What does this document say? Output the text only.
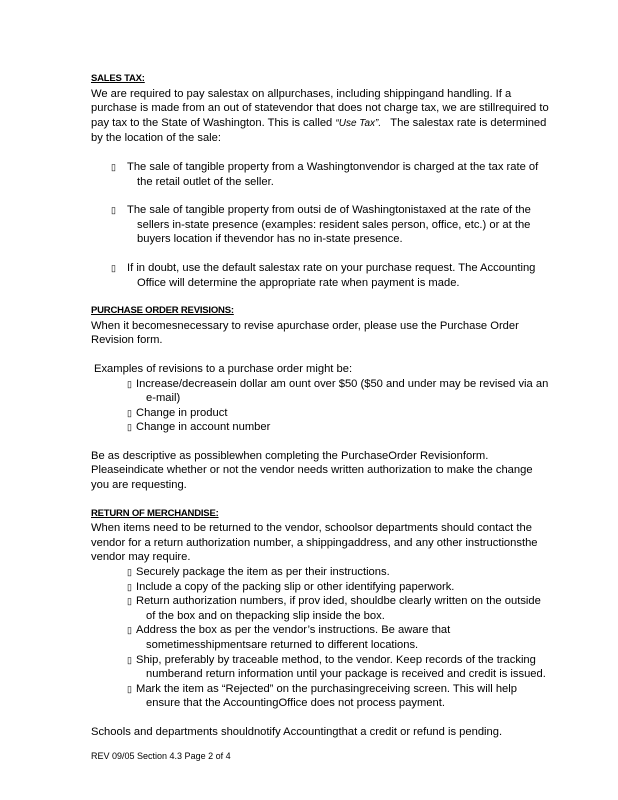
SALES TAX:

We are required to pay salestax on allpurchases, including shippingand handling. If a purchase is made from an out of statevendor that does not charge tax, we are stillrequired to pay tax to the State of Washington. This is called “Use Tax”. The salestax rate is determined by the location of the sale:

▯ The sale of tangible property from a Washingtonvendor is charged at the tax rate of the retail outlet of the seller.
▯ The sale of tangible property from outsi de of Washingtonistaxed at the rate of the sellers in-state presence (examples: resident sales person, office, etc.) or at the buyers location if thevendor has no in-state presence.
▯ If in doubt, use the default salestax rate on your purchase request. The Accounting Office will determine the appropriate rate when payment is made.
PURCHASE ORDER REVISIONS:

When it becomesnecessary to revise apurchase order, please use the Purchase Order Revision form.

Examples of revisions to a purchase order might be:

▯ Increase/decreasein dollar am ount over $50 ($50 and under may be revised via an e-mail)
▯ Change in product
▯ Change in account number

Be as descriptive as possiblewhen completing the PurchaseOrder Revisionform. Pleaseindicate whether or not the vendor needs written authorization to make the change you are requesting.

RETURN OF MERCHANDISE:

When items need to be returned to the vendor, schoolsor departments should contact the vendor for a return authorization number, a shippingaddress, and any other instructionsthe vendor may require.

▯ Securely package the item as per their instructions.
▯ Include a copy of the packing slip or other identifying paperwork.
▯ Return authorization numbers, if prov ided, shouldbe clearly written on the outside of the box and on thepacking slip inside the box.
▯ Address the box as per the vendor’s instructions. Be aware that sometimesshipmentsare returned to different locations.
▯ Ship, preferably by traceable method, to the vendor. Keep records of the tracking numberand return information until your package is received and credit is issued.
▯ Mark the item as “Rejected” on the purchasingreceiving screen. This will help ensure that the AccountingOffice does not process payment.

Schools and departments shouldnotify Accountingthat a credit or refund is pending.

REV 09/05 Section 4.3 Page 2 of 4
